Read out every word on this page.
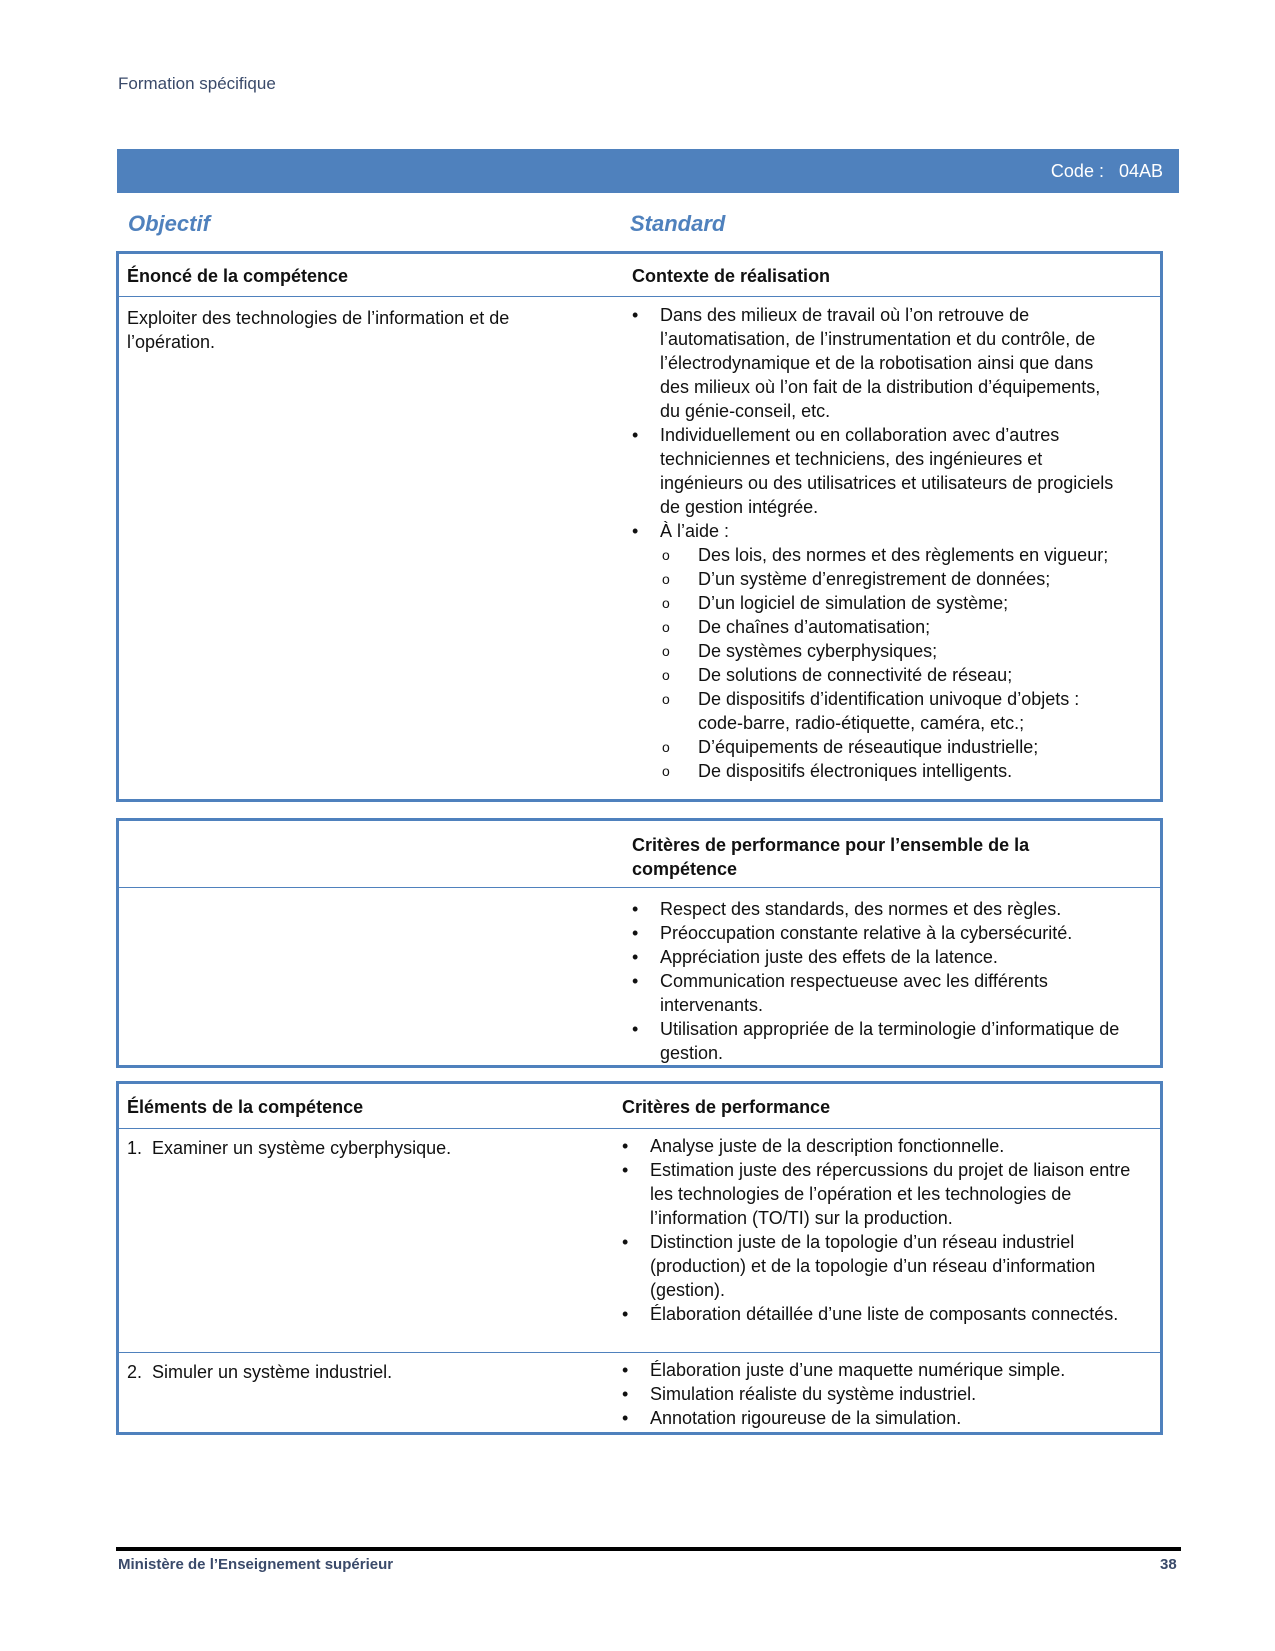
Formation spécifique
Code :   04AB
Objectif	Standard
Énoncé de la compétence	Contexte de réalisation
Exploiter des technologies de l’information et de l’opération.
• Dans des milieux de travail où l’on retrouve de l’automatisation, de l’instrumentation et du contrôle, de l’électrodynamique et de la robotisation ainsi que dans des milieux où l’on fait de la distribution d’équipements, du génie-conseil, etc.
• Individuellement ou en collaboration avec d’autres techniciennes et techniciens, des ingénieures et ingénieurs ou des utilisatrices et utilisateurs de progiciels de gestion intégrée.
• À l’aide :
o Des lois, des normes et des règlements en vigueur;
o D’un système d’enregistrement de données;
o D’un logiciel de simulation de système;
o De chaînes d’automatisation;
o De systèmes cyberphysiques;
o De solutions de connectivité de réseau;
o De dispositifs d’identification univoque d’objets : code-barre, radio-étiquette, caméra, etc.;
o D’équipements de réseautique industrielle;
o De dispositifs électroniques intelligents.
Critères de performance pour l’ensemble de la compétence
• Respect des standards, des normes et des règles.
• Préoccupation constante relative à la cybersécurité.
• Appréciation juste des effets de la latence.
• Communication respectueuse avec les différents intervenants.
• Utilisation appropriée de la terminologie d’informatique de gestion.
Éléments de la compétence	Critères de performance
1.  Examiner un système cyberphysique.	• Analyse juste de la description fonctionnelle.
• Estimation juste des répercussions du projet de liaison entre les technologies de l’opération et les technologies de l’information (TO/TI) sur la production.
• Distinction juste de la topologie d’un réseau industriel (production) et de la topologie d’un réseau d’information (gestion).
• Élaboration détaillée d’une liste de composants connectés.
2.  Simuler un système industriel.	• Élaboration juste d’une maquette numérique simple.
• Simulation réaliste du système industriel.
• Annotation rigoureuse de la simulation.
Ministère de l’Enseignement supérieur	38
